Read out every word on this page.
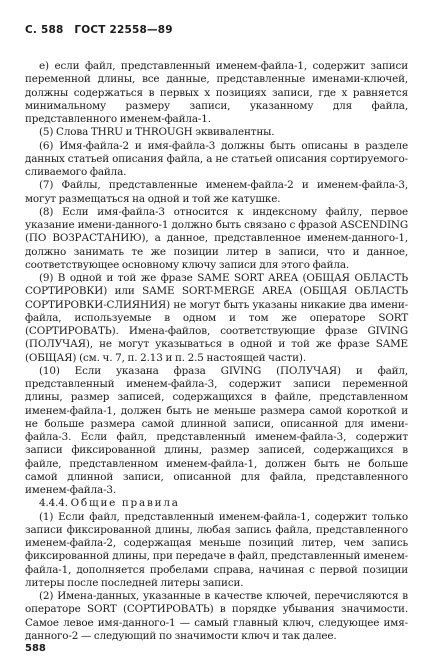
С. 588 ГОСТ 22558—89

е) если файл, представленный именем-файла-1, содержит записи переменной длины, все данные, представленные именами-ключей, должны содержаться в первых x позициях записи, где x равняется минимальному размеру записи, указанному для файла, представленного именем-файла-1.

(5) Слова THRU и THROUGH эквивалентны.

(6) Имя-файла-2 и имя-файла-3 должны быть описаны в разделе данных статьей описания файла, а не статьей описания сортируемого-сливаемого файла.

(7) Файлы, представленные именем-файла-2 и именем-файла-3, могут размещаться на одной и той же катушке.

(8) Если имя-файла-3 относится к индексному файлу, первое указание имени-данного-1 должно быть связано с фразой ASCENDING (ПО ВОЗРАСТАНИЮ), а данное, представленное именем-данного-1, должно занимать те же позиции литер в записи, что и данное, соответствующее основному ключу записи для этого файла.

(9) В одной и той же фразе SAME SORT AREA (ОБЩАЯ ОБЛАСТЬ СОРТИРОВКИ) или SAME SORT-MERGE AREA (ОБЩАЯ ОБЛАСТЬ СОРТИРОВКИ-СЛИЯНИЯ) не могут быть указаны никакие два имени-файла, используемые в одном и том же операторе SORT (СОРТИРОВАТЬ). Имена-файлов, соответствующие фразе GIVING (ПОЛУЧАЯ), не могут указываться в одной и той же фразе SAME (ОБЩАЯ) (см. ч. 7, п. 2.13 и п. 2.5 настоящей части).

(10) Если указана фраза GIVING (ПОЛУЧАЯ) и файл, представленный именем-файла-3, содержит записи переменной длины, размер записей, содержащихся в файле, представленном именем-файла-1, должен быть не меньше размера самой короткой и не больше размера самой длинной записи, описанной для имени-файла-3. Если файл, представленный именем-файла-3, содержит записи фиксированной длины, размер записей, содержащихся в файле, представленном именем-файла-1, должен быть не больше самой длинной записи, описанной для файла, представленного именем-файла-3.

4.4.4. Общие правила

(1) Если файл, представленный именем-файла-1, содержит только записи фиксированной длины, любая запись файла, представленного именем-файла-2, содержащая меньше позиций литер, чем запись фиксированной длины, при передаче в файл, представленный именем-файла-1, дополняется пробелами справа, начиная с первой позиции литеры после последней литеры записи.

(2) Имена-данных, указанные в качестве ключей, перечисляются в операторе SORT (СОРТИРОВАТЬ) в порядке убывания значимости. Самое левое имя-данного-1 — самый главный ключ, следующее имя-данного-2 — следующий по значимости ключ и так далее.

588
